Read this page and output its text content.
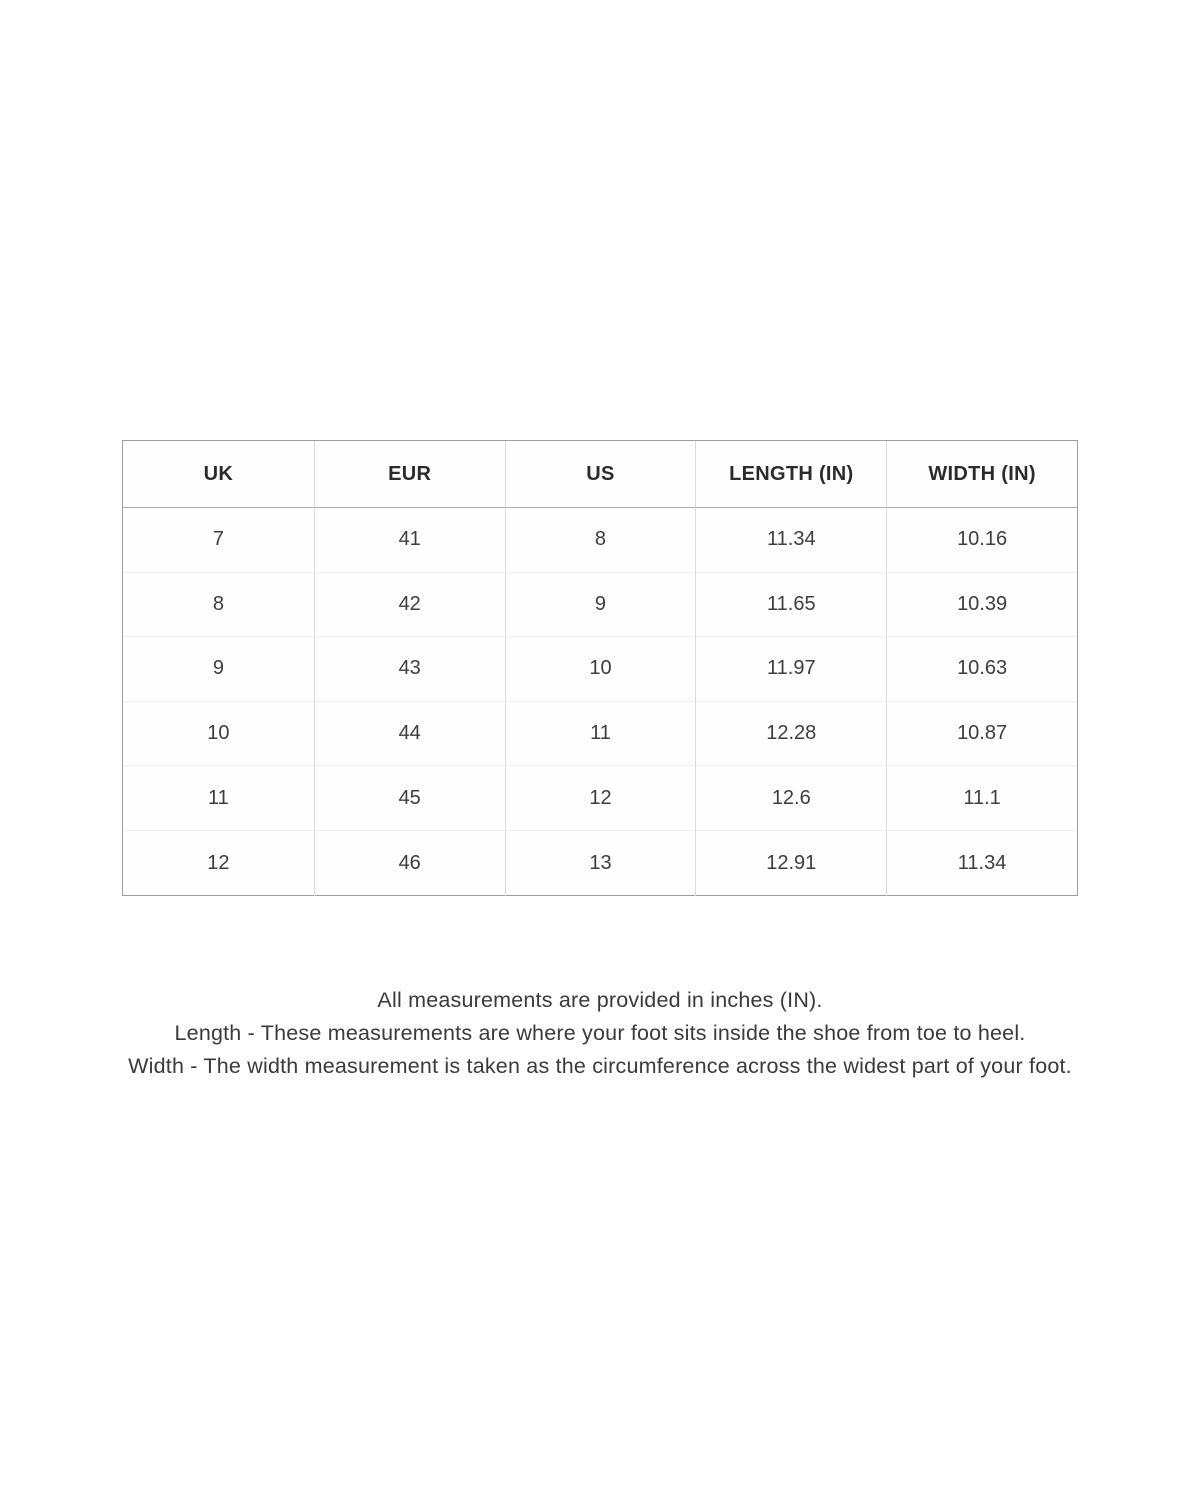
UK	EUR	US	LENGTH (IN)	WIDTH (IN)
7	41	8	11.34	10.16
8	42	9	11.65	10.39
9	43	10	11.97	10.63
10	44	11	12.28	10.87
11	45	12	12.6	11.1
12	46	13	12.91	11.34
All measurements are provided in inches (IN).
Length - These measurements are where your foot sits inside the shoe from toe to heel.
Width - The width measurement is taken as the circumference across the widest part of your foot.
